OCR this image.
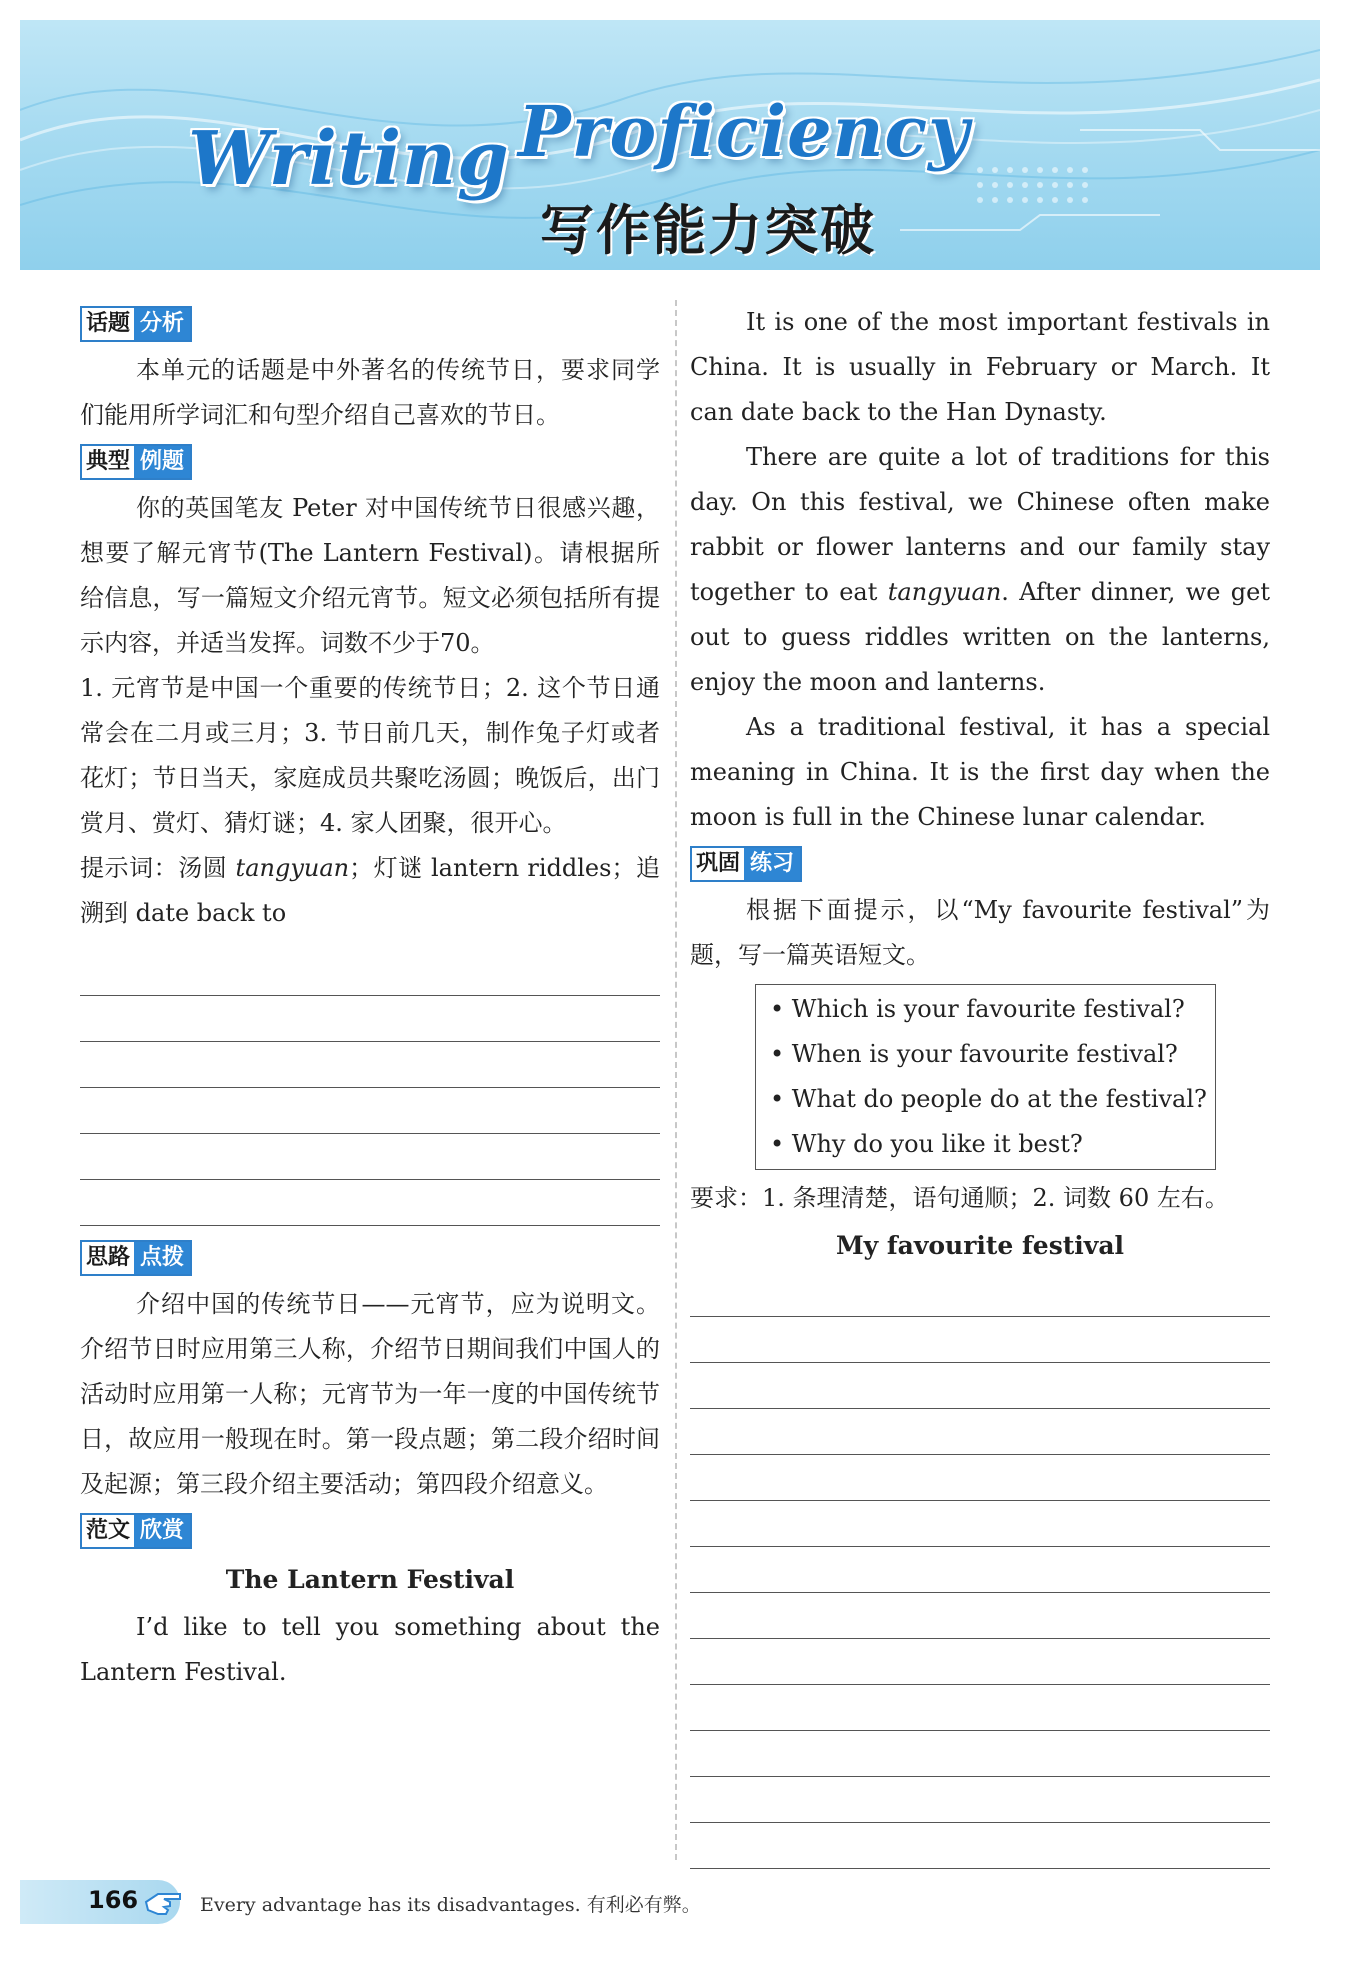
Writing Proficiency
写作能力突破
话题 分析

本单元的话题是中外著名的传统节日，要求同学们能用所学词汇和句型介绍自己喜欢的节日。

典型 例题

你的英国笔友 Peter 对中国传统节日很感兴趣，想要了解元宵节(The Lantern Festival)。请根据所给信息，写一篇短文介绍元宵节。短文必须包括所有提示内容，并适当发挥。词数不少于70。

1. 元宵节是中国一个重要的传统节日；2. 这个节日通常会在二月或三月；3. 节日前几天，制作兔子灯或者花灯；节日当天，家庭成员共聚吃汤圆；晚饭后，出门赏月、赏灯、猜灯谜；4. 家人团聚，很开心。

提示词：汤圆 tangyuan；灯谜 lantern riddles；追溯到 date back to

思路 点拨

介绍中国的传统节日——元宵节，应为说明文。介绍节日时应用第三人称，介绍节日期间我们中国人的活动时应用第一人称；元宵节为一年一度的中国传统节日，故应用一般现在时。第一段点题；第二段介绍时间及起源；第三段介绍主要活动；第四段介绍意义。

范文 欣赏
The Lantern Festival

I’d like to tell you something about the Lantern Festival.

It is one of the most important festivals in China. It is usually in February or March. It can date back to the Han Dynasty.

There are quite a lot of traditions for this day. On this festival, we Chinese often make rabbit or flower lanterns and our family stay together to eat tangyuan. After dinner, we get out to guess riddles written on the lanterns, enjoy the moon and lanterns.

As a traditional festival, it has a special meaning in China. It is the first day when the moon is full in the Chinese lunar calendar.

巩固 练习

根据下面提示，以“My favourite festival”为题，写一篇英语短文。

• Which is your favourite festival?
• When is your favourite festival?
• What do people do at the festival?
• Why do you like it best?

要求：1. 条理清楚，语句通顺；2. 词数 60 左右。

My favourite festival
166	Every advantage has its disadvantages. 有利必有弊。
